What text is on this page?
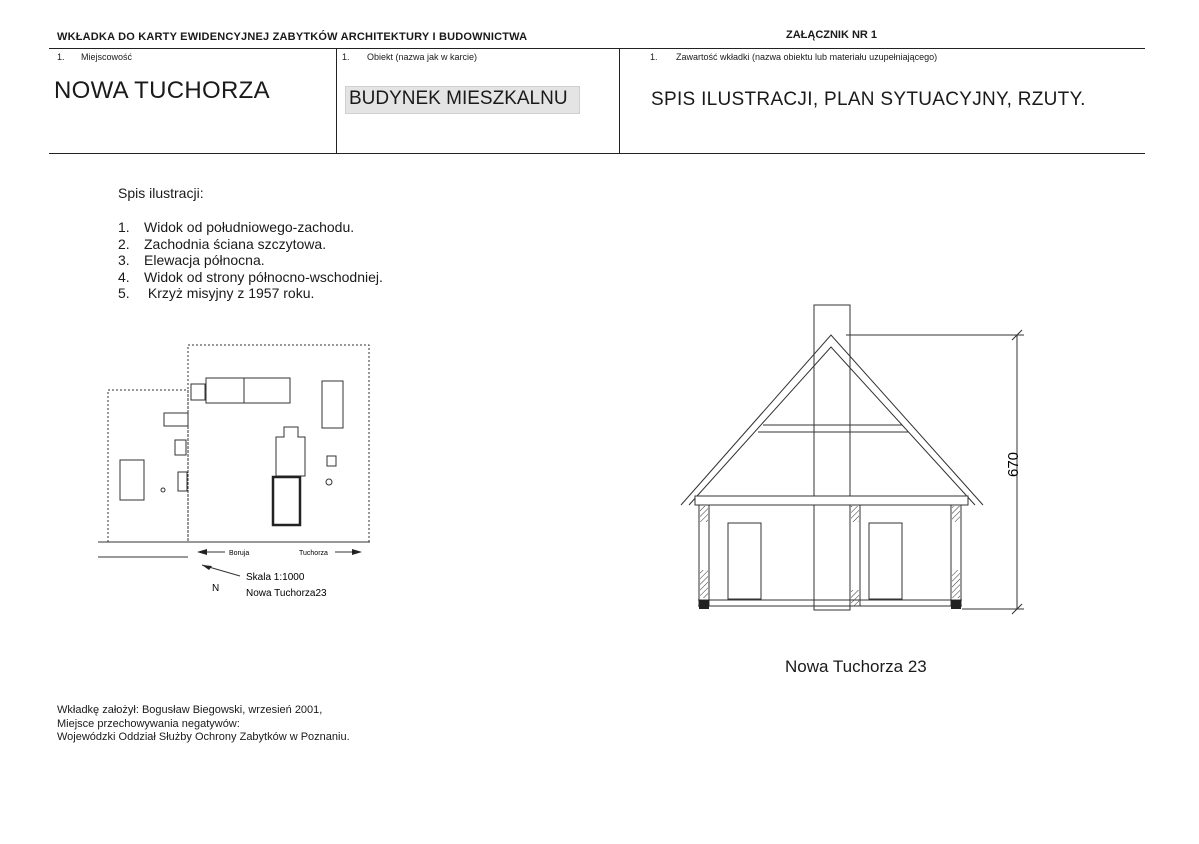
WKŁADKA DO KARTY EWIDENCYJNEJ ZABYTKÓW ARCHITEKTURY I BUDOWNICTWA	ZAŁĄCZNIK NR 1
1. Miejscowość
NOWA TUCHORZA
1. Obiekt (nazwa jak w karcie)
BUDYNEK MIESZKALNU
1. Zawartość wkładki (nazwa obiektu lub materiału uzupełniającego)
SPIS ILUSTRACJI, PLAN SYTUACYJNY, RZUTY.
Spis ilustracji:
1.	Widok od południowego-zachodu.
2.	Zachodnia ściana szczytowa.
3.	Elewacja północna.
4.	Widok od strony północno-wschodniej.
5.	Krzyż misyjny z 1957 roku.
Boruja	Tuchorza
N
Skala 1:1000
Nowa Tuchorza23
670
Nowa Tuchorza 23
Wkładkę założył: Bogusław Biegowski, wrzesień 2001,
Miejsce przechowywania negatywów:
Wojewódzki Oddział Służby Ochrony Zabytków w Poznaniu.
